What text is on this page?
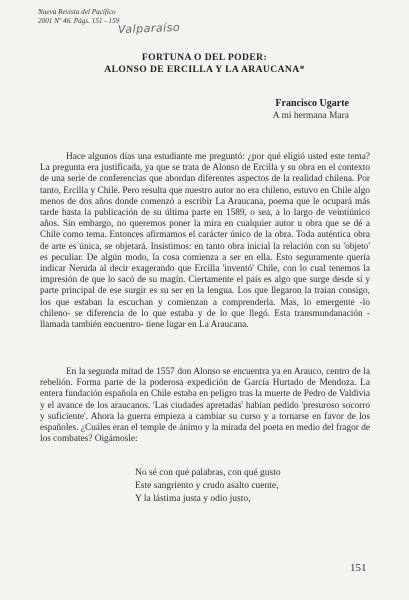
Nueva Revista del Pacífico
2001 Nº 46. Págs. 151 - 159
Valparaíso
FORTUNA O DEL PODER:
ALONSO DE ERCILLA Y LA ARAUCANA*
Francisco Ugarte
A mi hermana Mara

Hace algunos días una estudiante me preguntó: ¿por qué eligió usted este tema? La pregunta era justificada, ya que se trata de Alonso de Ercilla y su obra en el contexto de una serie de conferencias que abordan diferentes aspectos de la realidad chilena. Por tanto, Ercilla y Chile. Pero resulta que nuestro autor no era chileno, estuvo en Chile algo menos de dos años donde comenzó a escribir La Araucana, poema que le ocupará más tarde hasta la publicación de su última parte en 1589, o sea, a lo largo de veintiúnico años. Sin embargo, no queremos poner la mira en cualquier autor u obra que se dé a Chile como tema. Entonces afirmamos el carácter único de la obra. Toda auténtica obra de arte es única, se objetará. Insistimos: en tanto obra inicial la relación con su 'objeto' es peculiar. De algún modo, la cosa comienza a ser en ella. Esto seguramente quería indicar Neruda al decir exagerando que Ercilla 'inventó' Chile, con lo cual tenemos la impresión de que lo sacó de su magín. Ciertamente el país es algo que surge desde sí y parte principal de ese surgir es su ser en la lengua. Los que llegaron la traían consigo, los que estaban la escuchan y comienzan a comprenderla. Mas, lo emergente -lo chileno- se diferencia de lo que estaba y de lo que llegó. Esta transmundanación -llamada también encuentro- tiene lugar en La Araucana.

En la segunda mitad de 1557 don Alonso se encuentra ya en Arauco, centro de la rebelión. Forma parte de la poderosa expedición de García Hurtado de Mendoza. La entera fundación española en Chile estaba en peligro tras la muerte de Pedro de Valdivia y el avance de los araucanos. 'Las ciudades apretadas' habían pedido 'presuroso socorro y suficiente'. Ahora la guerra empieza a cambiar su curso y a tornarse en favor de los españoles. ¿Cuáles eran el temple de ánimo y la mirada del poeta en medio del fragor de los combates? Oigámosle:

No sé con qué palabras, con qué gusto
Este sangriento y crudo asalto cuente,
Y la lástima justa y odio justo,
151
